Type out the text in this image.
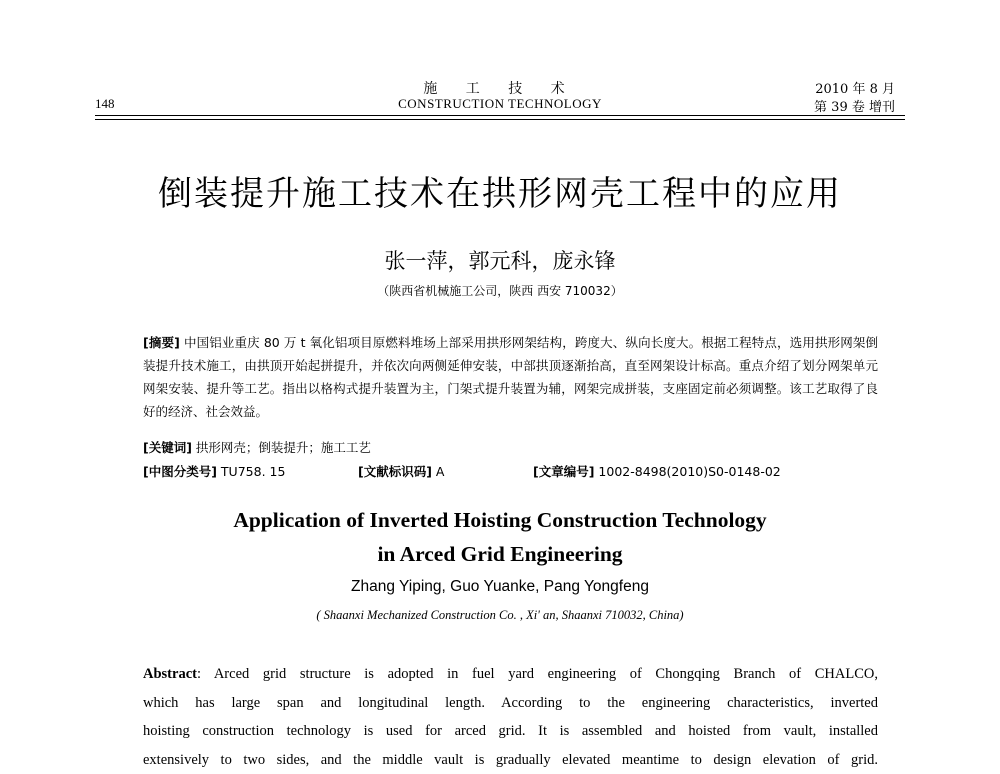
施 工 技 术
148	CONSTRUCTION TECHNOLOGY
2010 年 8 月
第 39 卷 增刊
倒装提升施工技术在拱形网壳工程中的应用
张一萍，郭元科，庞永锋
（陕西省机械施工公司，陕西 西安 710032）
[摘要] 中国铝业重庆 80 万 t 氧化铝项目原燃料堆场上部采用拱形网架结构，跨度大、纵向长度大。根据工程特点，选用拱形网架倒装提升技术施工，由拱顶开始起拼提升，并依次向两侧延伸安装，中部拱顶逐渐抬高，直至网架设计标高。重点介绍了划分网架单元网架安装、提升等工艺。指出以格构式提升装置为主，门架式提升装置为辅，网架完成拼装，支座固定前必须调整。该工艺取得了良好的经济、社会效益。
[关键词] 拱形网壳；倒装提升；施工工艺
[中图分类号] TU758. 15	[文献标识码] A	[文章编号] 1002-8498(2010)S0-0148-02
Application of Inverted Hoisting Construction Technology
in Arced Grid Engineering
Zhang Yiping, Guo Yuanke, Pang Yongfeng
( Shaanxi Mechanized Construction Co. , Xi' an, Shaanxi 710032, China)
Abstract: Arced grid structure is adopted in fuel yard engineering of Chongqing Branch of CHALCO,
which has large span and longitudinal length. According to the engineering characteristics, inverted
hoisting construction technology is used for arced grid. It is assembled and hoisted from vault, installed
extensively to two sides, and the middle vault is gradually elevated meantime to design elevation of grid.
